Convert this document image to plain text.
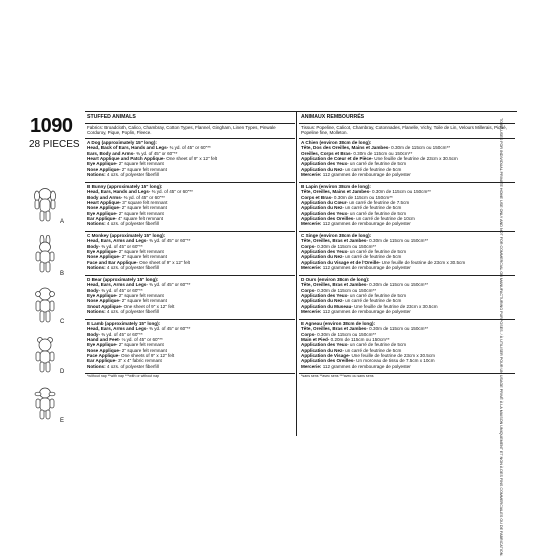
1090
28 PIECES
A
B
C
D
E
STUFFED ANIMALS
Fabrics: Broadcloth, Calico, Chambray, Cotton Types, Flannel, Gingham, Linen Types, Pinwale Corduroy, Pique, Poplin, Fleece.
A Dog (approximately 15" long):
Head, Back of Ears, Hands and Legs- ¾ yd. of 45" or 60"**
Ears, Body and Arms- ⅜ yd. of 45" or 60"**
Heart Applique and Patch Applique- One sheet of 9" x 12" felt
Eye Applique- 2" square felt remnant
Nose Applique- 2" square felt remnant
Notions: 4 ozs. of polyester fiberfill
B Bunny (approximately 15" long):
Head, Ears, Hands and Legs- ⅜ yd. of 45" or 60"**
Body and Arms- ⅜ yd. of 45" or 60"**
Heart Applique- 3" square felt remnant
Nose Applique- 2" square felt remnant
Eye Applique- 2" square felt remnant
Ear Applique- 4" square felt remnant
Notions: 4 ozs. of polyester fiberfill
C Monkey (approximately 15" long):
Head, Ears, Arms and Legs- ⅜ yd. of 45" or 60"**
Body- ⅜ yd. of 45" or 60"**
Eye Applique- 2" square felt remnant
Nose Applique- 2" square felt remnant
Face and Ear Applique- One sheet of 9" x 12" felt
Notions: 4 ozs. of polyester fiberfill
D Bear (approximately 15" long):
Head, Ears, Arms and Legs- ⅜ yd. of 45" or 60"**
Body- ⅜ yd. of 45" or 60"**
Eye Applique- 2" square felt remnant
Nose Applique- 2" square felt remnant
Snout Applique- One sheet of 9" x 12" felt
Notions: 4 ozs. of polyester fiberfill
E Lamb (approximately 15" long):
Head, Ears, Arms and Legs- ⅜ yd. of 45" or 60"**
Body- ⅜ yd. of 45" or 60"**
Hand and Feet- ⅛ yd. of 45" or 60"**
Eye Applique- 2" square felt remnant
Nose Applique- 2" square felt remnant
Face Applique- One sheets of 9" x 12" felt
Ear Applique- 3" x 4" fabric remnant
Notions: 4 ozs. of polyester fiberfill
*without nap **with nap ***with or without nap
ANIMAUX REMBOURRÉS
Tissus: Popeline, Calicot, Chambray, Cotonnades, Flanelle, Vichy, Toile de Lin, Velours Millerais, Piqué, Popeline fine, Molleton.
A Chien (environ 38cm de long):
Tête, Dos des Oreilles, Mains et Jambes- 0.30m de 115cm ou 150cm**
Oreilles, Corps et Bras- 0.30m de 115cm ou 150cm**
Application de Cœur et de Pièce- Une feuille de feutrine de 23cm x 30.5cm
Application des Yeux- un carré de feutrine de 5cm
Application du Nez- un carré de feutrine de 5cm
Mercerie: 112 grammes de rembourrage de polyester
B Lapin (environ 38cm de long):
Tête, Oreilles, Mains et Jambes- 0.30m de 115cm ou 150cm**
Corps et Bras- 0.30m de 115cm ou 150cm**
Application du Cœur- un carré de feutrine de 7.5cm
Application du Nez- un carré de feutrine de 5cm
Application des Yeux- un carré de feutrine de 5cm
Application des Oreilles- un carré de feutrine de 10cm
Mercerie: 112 grammes de rembourrage de polyester
C Singe (environ 38cm de long):
Tête, Oreilles, Bras et Jambes- 0.30m de 115cm ou 150cm**
Corps- 0.30m de 115cm ou 150cm**
Application des Yeux- un carré de feutrine de 5cm
Application du Nez- un carré de feutrine de 5cm
Application du Visage et de l'Oreille- Une feuille de feutrine de 23cm x 30.5cm
Mercerie: 112 grammes de rembourrage de polyester
D Ours (environ 38cm de long):
Tête, Oreilles, Bras et Jambes- 0.30m de 115cm ou 150cm**
Corps- 0.30m de 115cm ou 150cm**
Application des Yeux- un carré de feutrine de 5cm
Application du Nez- un carré de feutrine de 5cm
Application du Museau- Une feuille de feutrine de 23cm x 30.5cm
Mercerie: 112 grammes de rembourrage de polyester
E Agneau (environ 38cm de long):
Tête, Oreilles, Bras et Jambes- 0.30m de 115cm ou 150cm**
Corps- 0.30m de 115cm ou 150cm**
Main et Pied- 0.20m de 115cm ou 150cm**
Application des Yeux- un carré de feutrine de 5cm
Application du Nez- un carré de feutrine de 5cm
Application de Visage- Une feuille de feutrine de 23cm x 30.5cm
Application des Oreilles- Un morceau de tissu de 7.5cm x 10cm
Mercerie: 112 grammes de rembourrage de polyester
*sans sens **avec sens ***avec ou sans sens	TO BE USED FOR INDIVIDUAL PRIVATE HOME USE ONLY AND NOT FOR COMMERCIAL OR MANUFACTURING PURPOSES. / À UTILISER POUR UN USAGE PRIVÉ À LA MAISON UNIQUEMENT ET NON À DES FINS COMMERCIALES OU DE FABRICATION.
